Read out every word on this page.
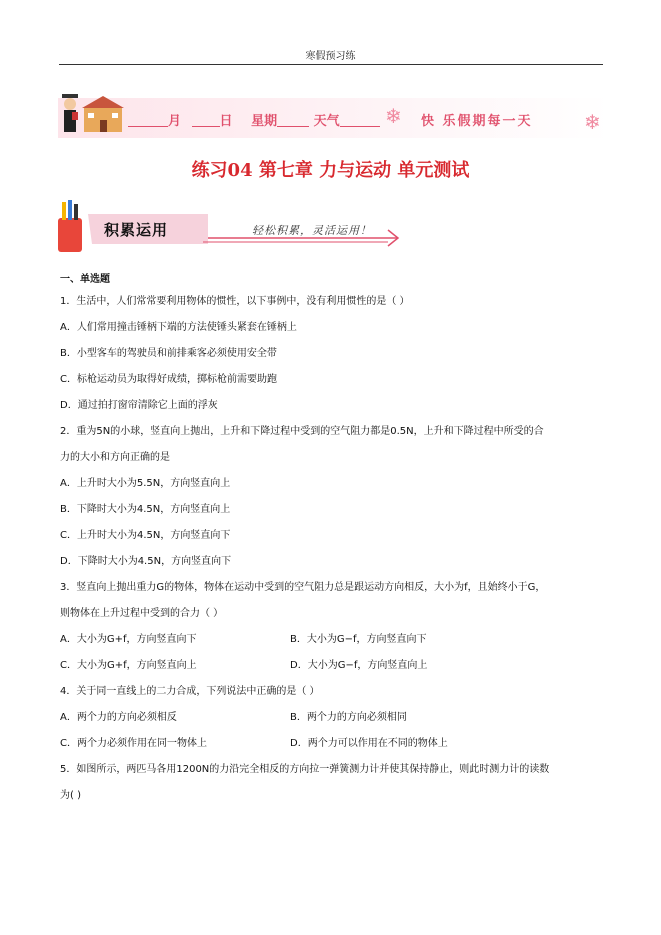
寒假预习练
月	日 星期	天气	❄ 快 乐假期每一天	❄
练习04 第七章 力与运动 单元测试
积累运用	轻松积累，灵活运用！
一、单选题
1．生活中，人们常常要利用物体的惯性，以下事例中，没有利用惯性的是（ ）
A．人们常用撞击锤柄下端的方法使锤头紧套在锤柄上
B．小型客车的驾驶员和前排乘客必须使用安全带
C．标枪运动员为取得好成绩，掷标枪前需要助跑
D．通过拍打窗帘清除它上面的浮灰
2．重为5N的小球，竖直向上抛出，上升和下降过程中受到的空气阻力都是0.5N，上升和下降过程中所受的合
力的大小和方向正确的是
A．上升时大小为5.5N，方向竖直向上
B．下降时大小为4.5N，方向竖直向上
C．上升时大小为4.5N，方向竖直向下
D．下降时大小为4.5N，方向竖直向下
3．竖直向上抛出重力G的物体，物体在运动中受到的空气阻力总是跟运动方向相反，大小为f，且始终小于G，
则物体在上升过程中受到的合力（ ）
A．大小为G+f，方向竖直向下	B．大小为G−f，方向竖直向下
C．大小为G+f，方向竖直向上	D．大小为G−f，方向竖直向上
4．关于同一直线上的二力合成，下列说法中正确的是（ ）
A．两个力的方向必须相反	B．两个力的方向必须相同
C．两个力必须作用在同一物体上	D．两个力可以作用在不同的物体上
5．如图所示，两匹马各用1200N的力沿完全相反的方向拉一弹簧测力计并使其保持静止，则此时测力计的读数
为( )
